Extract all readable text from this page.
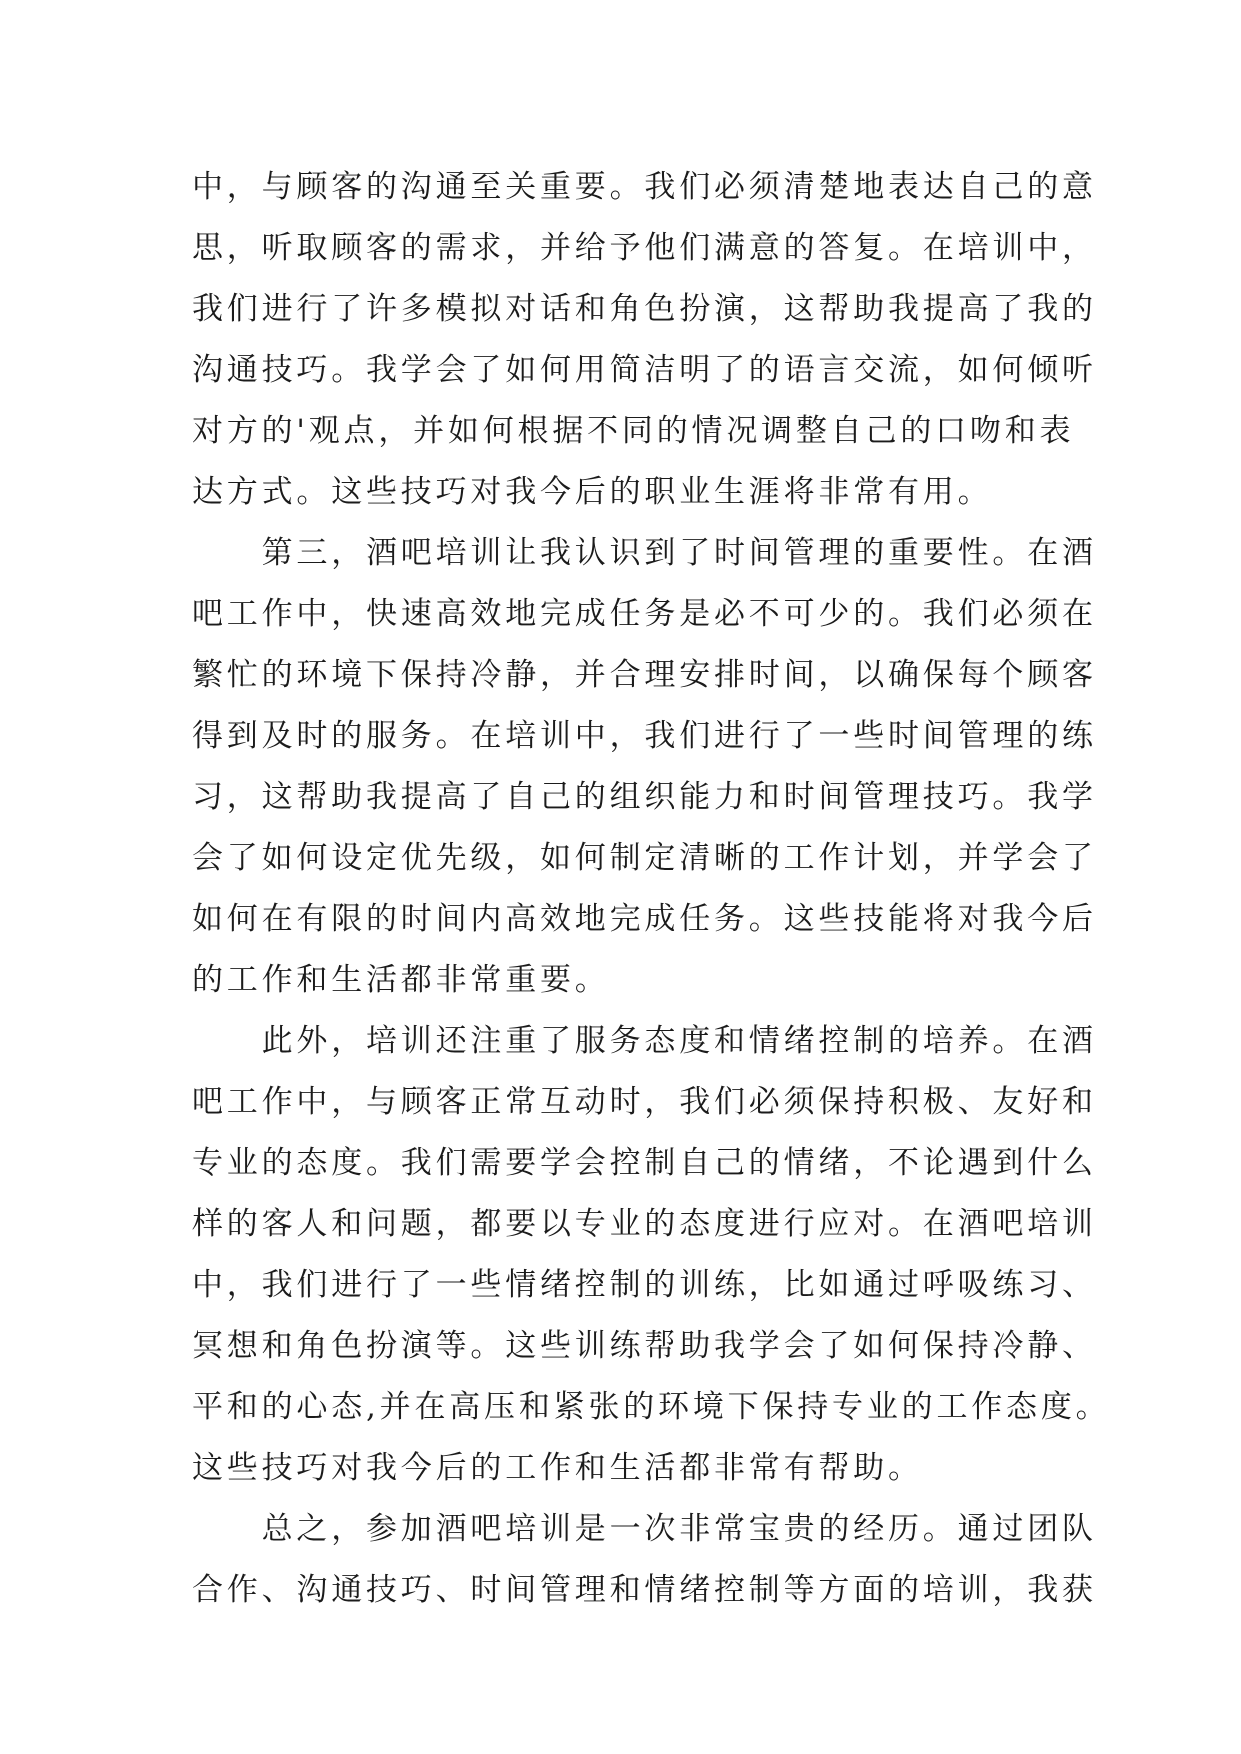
中，与顾客的沟通至关重要。我们必须清楚地表达自己的意
思，听取顾客的需求，并给予他们满意的答复。在培训中，
我们进行了许多模拟对话和角色扮演，这帮助我提高了我的
沟通技巧。我学会了如何用简洁明了的语言交流，如何倾听
对方的'观点，并如何根据不同的情况调整自己的口吻和表
达方式。这些技巧对我今后的职业生涯将非常有用。
　　第三，酒吧培训让我认识到了时间管理的重要性。在酒
吧工作中，快速高效地完成任务是必不可少的。我们必须在
繁忙的环境下保持冷静，并合理安排时间，以确保每个顾客
得到及时的服务。在培训中，我们进行了一些时间管理的练
习，这帮助我提高了自己的组织能力和时间管理技巧。我学
会了如何设定优先级，如何制定清晰的工作计划，并学会了
如何在有限的时间内高效地完成任务。这些技能将对我今后
的工作和生活都非常重要。
　　此外，培训还注重了服务态度和情绪控制的培养。在酒
吧工作中，与顾客正常互动时，我们必须保持积极、友好和
专业的态度。我们需要学会控制自己的情绪，不论遇到什么
样的客人和问题，都要以专业的态度进行应对。在酒吧培训
中，我们进行了一些情绪控制的训练，比如通过呼吸练习、
冥想和角色扮演等。这些训练帮助我学会了如何保持冷静、
平和的心态,并在高压和紧张的环境下保持专业的工作态度。
这些技巧对我今后的工作和生活都非常有帮助。
　　总之，参加酒吧培训是一次非常宝贵的经历。通过团队
合作、沟通技巧、时间管理和情绪控制等方面的培训，我获
